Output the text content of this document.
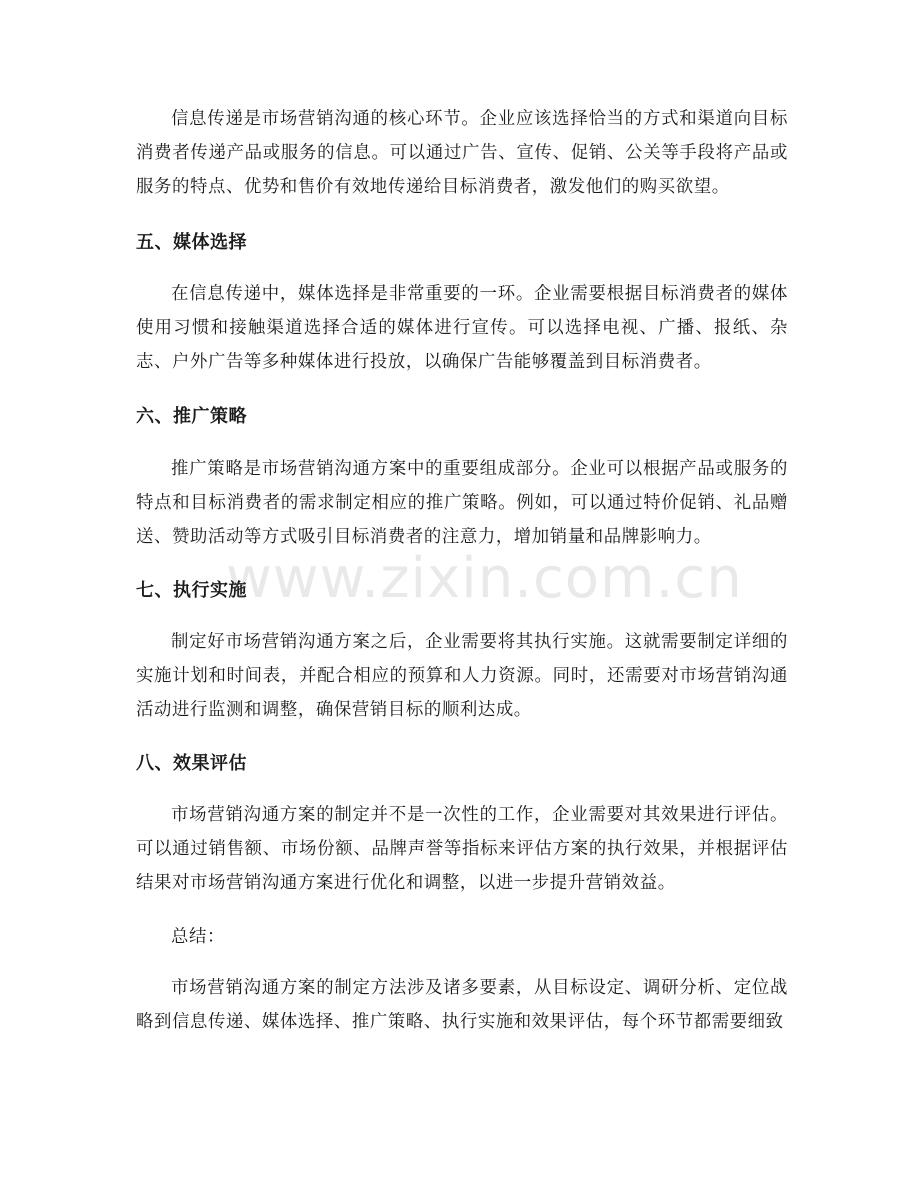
信息传递是市场营销沟通的核心环节。企业应该选择恰当的方式和渠道向目标消费者传递产品或服务的信息。可以通过广告、宣传、促销、公关等手段将产品或服务的特点、优势和售价有效地传递给目标消费者，激发他们的购买欲望。

五、媒体选择

在信息传递中，媒体选择是非常重要的一环。企业需要根据目标消费者的媒体使用习惯和接触渠道选择合适的媒体进行宣传。可以选择电视、广播、报纸、杂志、户外广告等多种媒体进行投放，以确保广告能够覆盖到目标消费者。

六、推广策略

推广策略是市场营销沟通方案中的重要组成部分。企业可以根据产品或服务的特点和目标消费者的需求制定相应的推广策略。例如，可以通过特价促销、礼品赠送、赞助活动等方式吸引目标消费者的注意力，增加销量和品牌影响力。

七、执行实施

制定好市场营销沟通方案之后，企业需要将其执行实施。这就需要制定详细的实施计划和时间表，并配合相应的预算和人力资源。同时，还需要对市场营销沟通活动进行监测和调整，确保营销目标的顺利达成。

八、效果评估

市场营销沟通方案的制定并不是一次性的工作，企业需要对其效果进行评估。可以通过销售额、市场份额、品牌声誉等指标来评估方案的执行效果，并根据评估结果对市场营销沟通方案进行优化和调整，以进一步提升营销效益。

总结：

市场营销沟通方案的制定方法涉及诸多要素，从目标设定、调研分析、定位战略到信息传递、媒体选择、推广策略、执行实施和效果评估，每个环节都需要细致

www.zixin.com.cn
